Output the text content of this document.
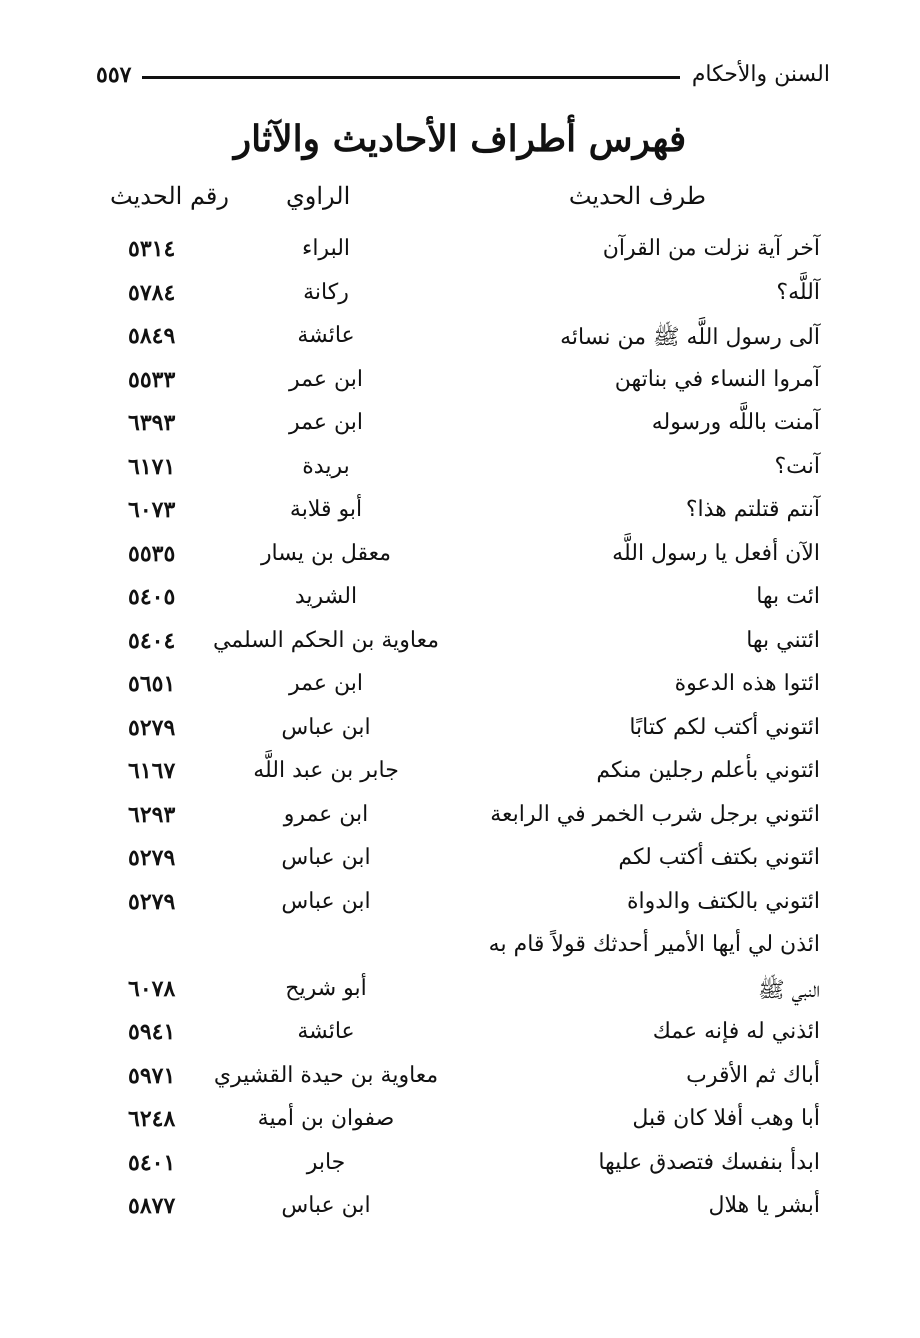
السنن والأحكام
٥٥٧
فهرس أطراف الأحاديث والآثار
طرف الحديث
الراوي
رقم الحديث
آخر آية نزلت من القرآن
البراء
٥٣١٤
آللَّه؟
ركانة
٥٧٨٤
آلى رسول اللَّه ﷺ من نسائه
عائشة
٥٨٤٩
آمروا النساء في بناتهن
ابن عمر
٥٥٣٣
آمنت باللَّه ورسوله
ابن عمر
٦٣٩٣
آنت؟
بريدة
٦١٧١
آنتم قتلتم هذا؟
أبو قلابة
٦٠٧٣
الآن أفعل يا رسول اللَّه
معقل بن يسار
٥٥٣٥
ائت بها
الشريد
٥٤٠٥
ائتني بها
معاوية بن الحكم السلمي
٥٤٠٤
ائتوا هذه الدعوة
ابن عمر
٥٦٥١
ائتوني أكتب لكم كتابًا
ابن عباس
٥٢٧٩
ائتوني بأعلم رجلين منكم
جابر بن عبد اللَّه
٦١٦٧
ائتوني برجل شرب الخمر في الرابعة
ابن عمرو
٦٢٩٣
ائتوني بكتف أكتب لكم
ابن عباس
٥٢٧٩
ائتوني بالكتف والدواة
ابن عباس
٥٢٧٩
ائذن لي أيها الأمير أحدثك قولاً قام به
النبي ﷺ
أبو شريح
٦٠٧٨
ائذني له فإنه عمك
عائشة
٥٩٤١
أباك ثم الأقرب
معاوية بن حيدة القشيري
٥٩٧١
أبا وهب أفلا كان قبل
صفوان بن أمية
٦٢٤٨
ابدأ بنفسك فتصدق عليها
جابر
٥٤٠١
أبشر يا هلال
ابن عباس
٥٨٧٧
